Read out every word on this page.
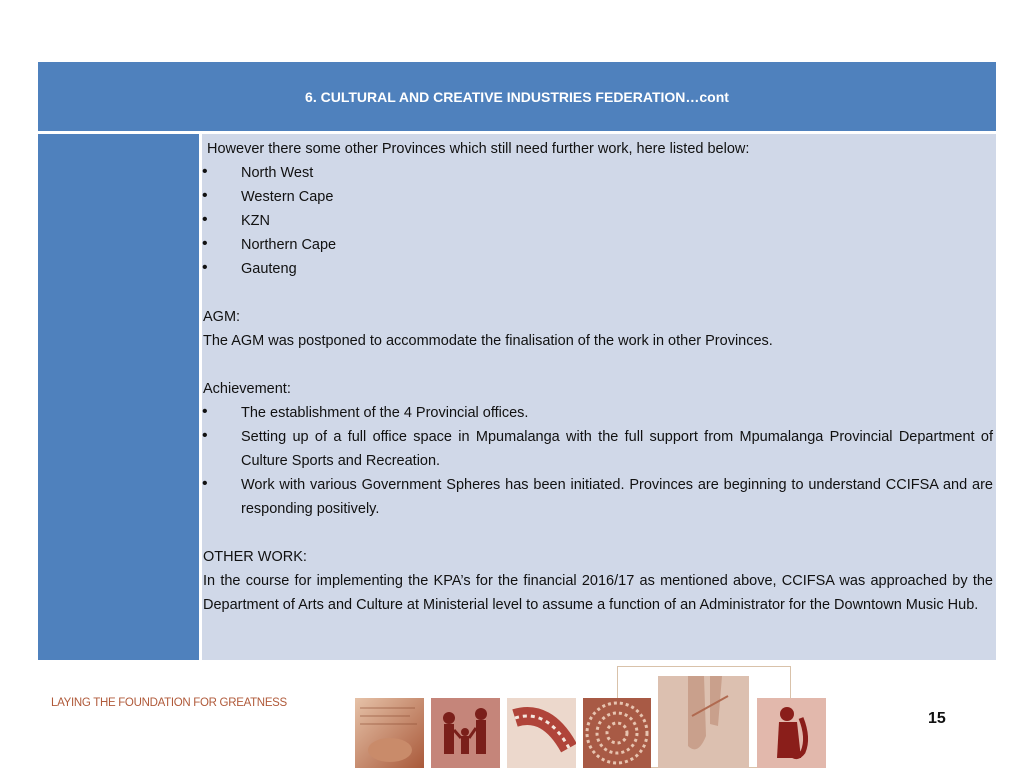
6. CULTURAL AND CREATIVE INDUSTRIES FEDERATION…cont

However there some other Provinces which still need further work, here listed below:

• North West
• Western Cape
• KZN
• Northern Cape
• Gauteng

AGM:

The AGM was postponed to accommodate the finalisation of the work in other Provinces.

Achievement:

• The establishment of the 4 Provincial offices.
• Setting up of a full office space in Mpumalanga with the full support from Mpumalanga Provincial Department of Culture Sports and Recreation.
• Work with various Government Spheres has been initiated. Provinces are beginning to understand CCIFSA and are responding positively.

OTHER WORK:

In the course for implementing the KPA’s for the financial 2016/17 as mentioned above, CCIFSA was approached by the Department of Arts and Culture at Ministerial level to assume a function of an Administrator for the Downtown Music Hub.

LAYING THE FOUNDATION FOR GREATNESS
15
